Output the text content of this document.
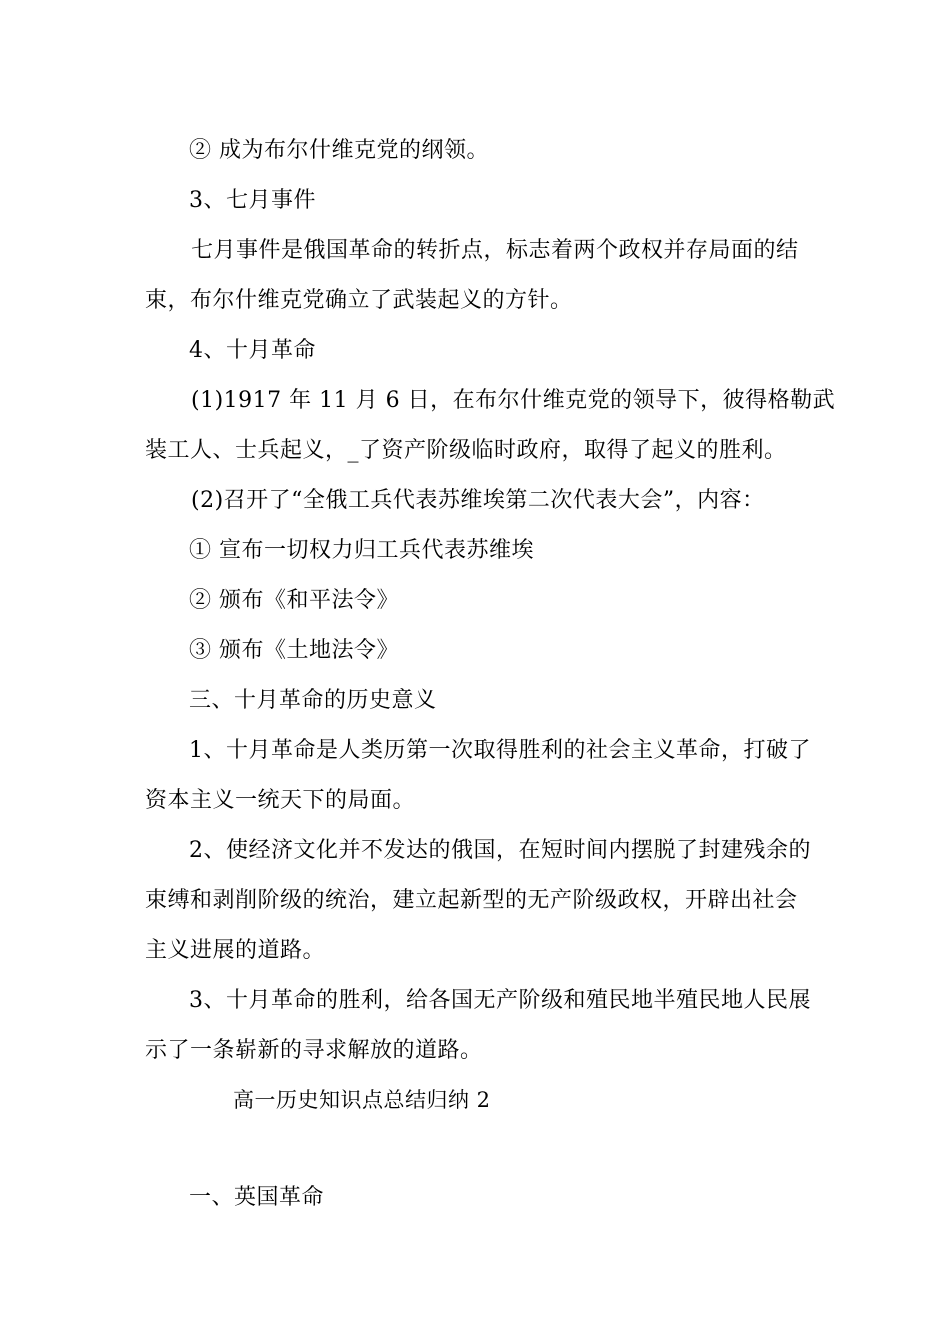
② 成为布尔什维克党的纲领。
3、七月事件
七月事件是俄国革命的转折点，标志着两个政权并存局面的结
束，布尔什维克党确立了武装起义的方针。
4、十月革命
(1)1917 年 11 月 6 日，在布尔什维克党的领导下，彼得格勒武
装工人、士兵起义，_了资产阶级临时政府，取得了起义的胜利。
(2)召开了“全俄工兵代表苏维埃第二次代表大会”，内容：
① 宣布一切权力归工兵代表苏维埃
② 颁布《和平法令》
③ 颁布《土地法令》
三、十月革命的历史意义
1、十月革命是人类历第一次取得胜利的社会主义革命，打破了
资本主义一统天下的局面。
2、使经济文化并不发达的俄国，在短时间内摆脱了封建残余的
束缚和剥削阶级的统治，建立起新型的无产阶级政权，开辟出社会
主义进展的道路。
3、十月革命的胜利，给各国无产阶级和殖民地半殖民地人民展
示了一条崭新的寻求解放的道路。
高一历史知识点总结归纳 2
一、英国革命
